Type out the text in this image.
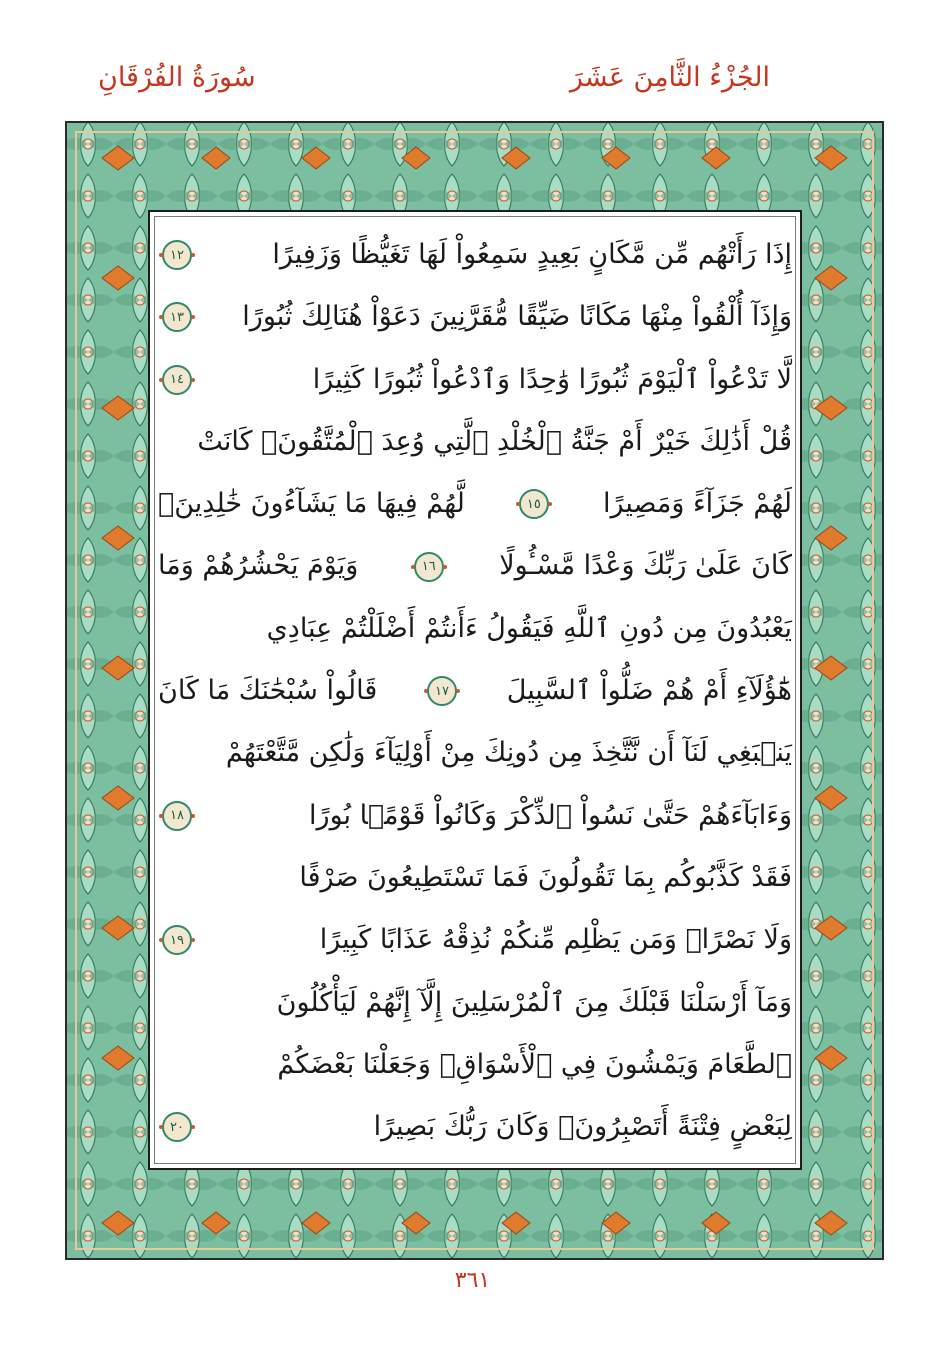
سُورَةُ الفُرْقَانِ	الجُزْءُ الثَّامِنَ عَشَرَ
إِذَا رَأَتْهُم مِّن مَّكَانٍ بَعِيدٍ سَمِعُواْ لَهَا تَغَيُّظًا وَزَفِيرًا
١٢
وَإِذَآ أُلْقُواْ مِنْهَا مَكَانًا ضَيِّقًا مُّقَرَّنِينَ دَعَوْاْ هُنَالِكَ ثُبُورًا
١٣
لَّا تَدْعُواْ ٱلْيَوْمَ ثُبُورًا وَٰحِدًا وَٱدْعُواْ ثُبُورًا كَثِيرًا
١٤
قُلْ أَذَٰلِكَ خَيْرٌ أَمْ جَنَّةُ ٱلْخُلْدِ ٱلَّتِي وُعِدَ ٱلْمُتَّقُونَۚ كَانَتْ
لَهُمْ جَزَآءً وَمَصِيرًا
١٥
لَّهُمْ فِيهَا مَا يَشَآءُونَ خَٰلِدِينَۚ
كَانَ عَلَىٰ رَبِّكَ وَعْدًا مَّسْـُٔولًا
١٦
وَيَوْمَ يَحْشُرُهُمْ وَمَا
يَعْبُدُونَ مِن دُونِ ٱللَّهِ فَيَقُولُ ءَأَنتُمْ أَضْلَلْتُمْ عِبَادِي
هَٰٓؤُلَآءِ أَمْ هُمْ ضَلُّواْ ٱلسَّبِيلَ
١٧
قَالُواْ سُبْحَٰنَكَ مَا كَانَ
يَنۢبَغِي لَنَآ أَن نَّتَّخِذَ مِن دُونِكَ مِنْ أَوْلِيَآءَ وَلَٰكِن مَّتَّعْتَهُمْ
وَءَابَآءَهُمْ حَتَّىٰ نَسُواْ ٱلذِّكْرَ وَكَانُواْ قَوْمًۢا بُورًا
١٨
فَقَدْ كَذَّبُوكُم بِمَا تَقُولُونَ فَمَا تَسْتَطِيعُونَ صَرْفًا
وَلَا نَصْرًاۚ وَمَن يَظْلِم مِّنكُمْ نُذِقْهُ عَذَابًا كَبِيرًا
١٩
وَمَآ أَرْسَلْنَا قَبْلَكَ مِنَ ٱلْمُرْسَلِينَ إِلَّآ إِنَّهُمْ لَيَأْكُلُونَ
ٱلطَّعَامَ وَيَمْشُونَ فِي ٱلْأَسْوَاقِۗ وَجَعَلْنَا بَعْضَكُمْ
لِبَعْضٍ فِتْنَةً أَتَصْبِرُونَۗ وَكَانَ رَبُّكَ بَصِيرًا
٢٠
٣٦١
